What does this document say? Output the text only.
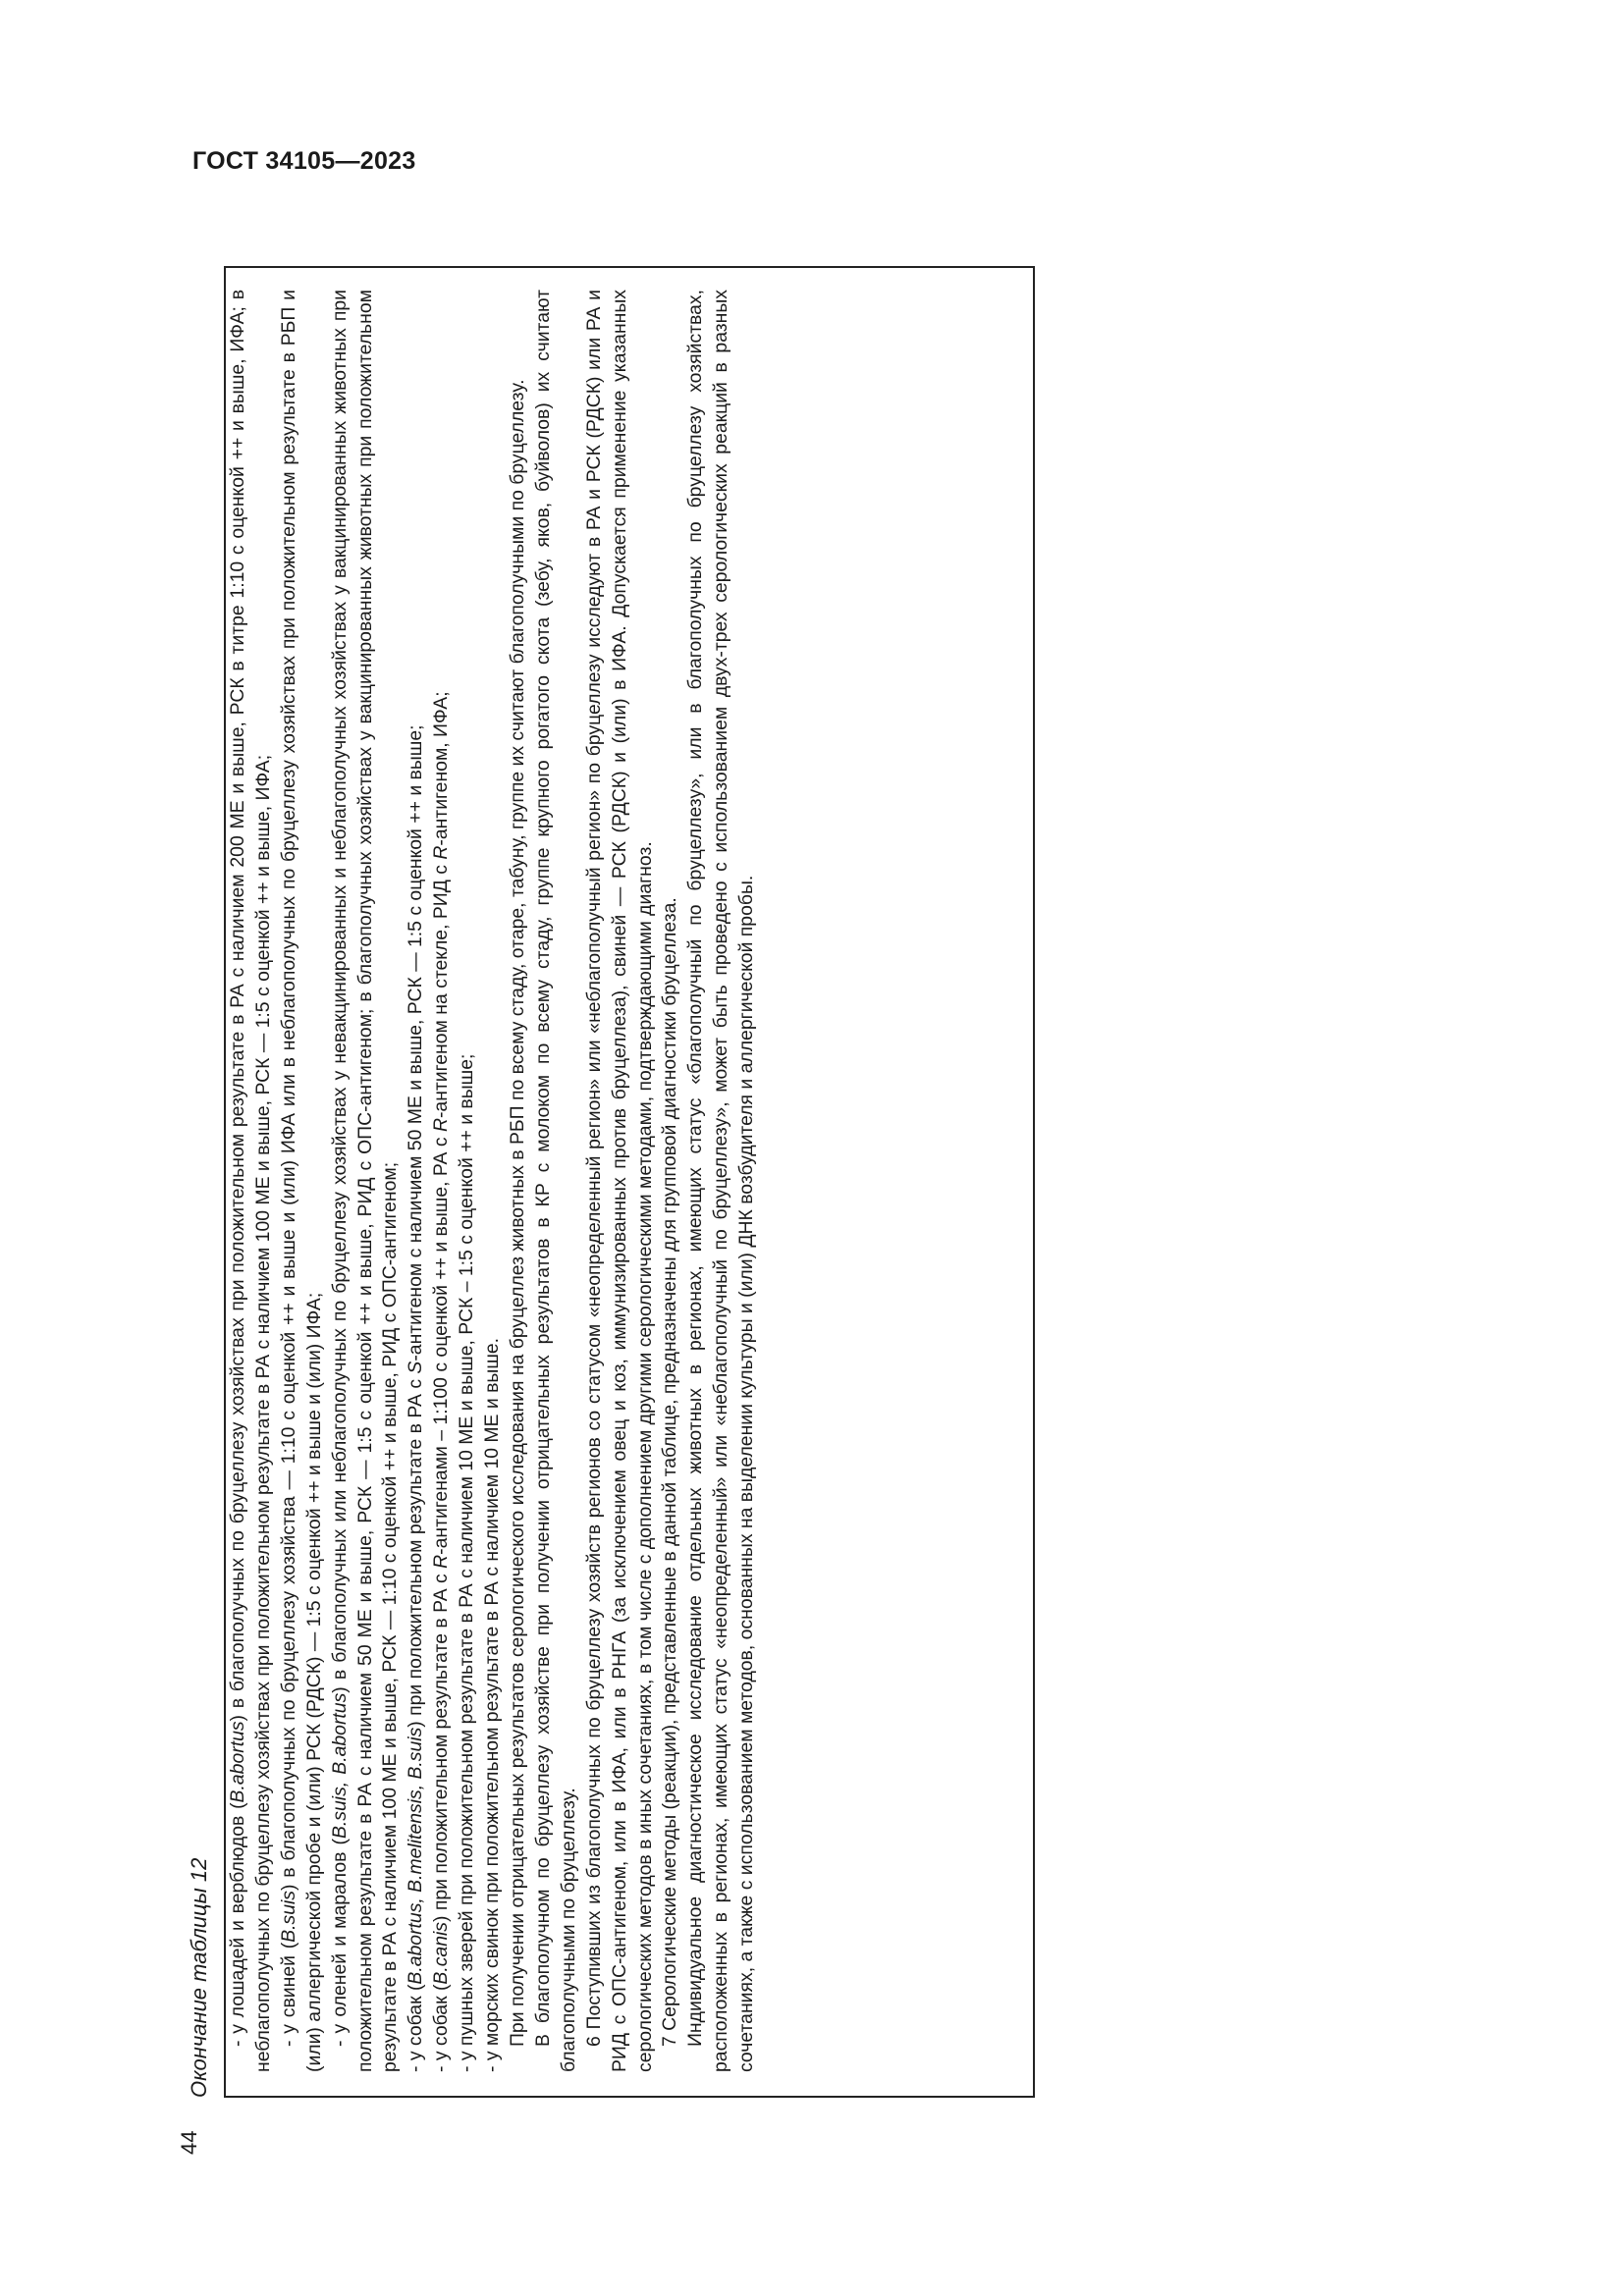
ГОСТ 34105—2023
44
Окончание таблицы 12 - у лошадей и верблюдов (B.abortus) в благополучных по бруцеллезу хозяйствах при положительном результате в РА с наличием 200 МЕ и выше, РСК в титре 1:10 с оценкой ++ и выше, ИФА; в неблагополучных по бруцеллезу хозяйствах при положительном результате в РА с наличием 100 МЕ и выше, РСК — 1:5 с оценкой ++ и выше, ИФА; - у свиней (B.suis) в благополучных по бруцеллезу хозяйства — 1:10 с оценкой ++ и выше и (или) ИФА или в неблагополучных по бруцеллезу хозяйствах при положительном результате в РБП и (или) аллергической пробе и (или) РСК (РДСК) — 1:5 с оценкой ++ и выше и (или) ИФА; - у оленей и маралов (B.suis, B.abortus) в благополучных или неблагополучных по бруцеллезу хозяйствах у невакцинированных и неблагополучных хозяйствах у вакцинированных животных при положительном результате в РА с наличием 50 МЕ и выше, РСК — 1:5 с оценкой ++ и выше, РИД с ОПС-антигеном; в благополучных хозяйствах у вакцинированных животных при положительном результате в РА с наличием 100 МЕ и выше, РСК — 1:10 с оценкой ++ и выше, РИД с ОПС-антигеном; - у собак (B.abortus, B.melitensis, B.suis) при положительном результате в РА с S-антигеном с наличием 50 МЕ и выше, РСК — 1:5 с оценкой ++ и выше;

- у собак (B.canis) при положительном результате в РА с R-антигенами – 1:100 с оценкой ++ и выше, РА с R-антигеном на стекле, РИД с R-антигеном, ИФА;

- у пушных зверей при положительном результате в РА с наличием 10 МЕ и выше, РСК – 1:5 с оценкой ++ и выше; - у морских свинок при положительном результате в РА с наличием 10 МЕ и выше. При получении отрицательных результатов серологического исследования на бруцеллез животных в РБП по всему стаду, отаре, табуну, группе их считают благополучными по бруцеллезу. В благополучном по бруцеллезу хозяйстве при получении отрицательных результатов в КР с молоком по всему стаду, группе крупного рогатого скота (зебу, яков, буйволов) их считают благополучными по бруцеллезу. 6 Поступивших из благополучных по бруцеллезу хозяйств регионов со статусом «неопределенный регион» или «неблагополучный регион» по бруцеллезу исследуют в РА и РСК (РДСК) или РА и РИД с ОПС-антигеном, или в ИФА, или в РНГА (за исключением овец и коз, иммунизированных против бруцеллеза), свиней — РСК (РДСК) и (или) в ИФА. Допускается применение указанных серологических методов в иных сочетаниях, в том числе с дополнением другими серологическими методами, подтверждающими диагноз. 7 Серологические методы (реакции), представленные в данной таблице, предназначены для групповой диагностики бруцеллеза. Индивидуальное диагностическое исследование отдельных животных в регионах, имеющих статус «благополучный по бруцеллезу», или в благополучных по бруцеллезу хозяйствах, расположенных в регионах, имеющих статус «неопределенный» или «неблагополучный по бруцеллезу», может быть проведено с использованием двух-трех серологических реакций в разных сочетаниях, а также с использованием методов, основанных на выделении культуры и (или) ДНК возбудителя и аллергической пробы.
